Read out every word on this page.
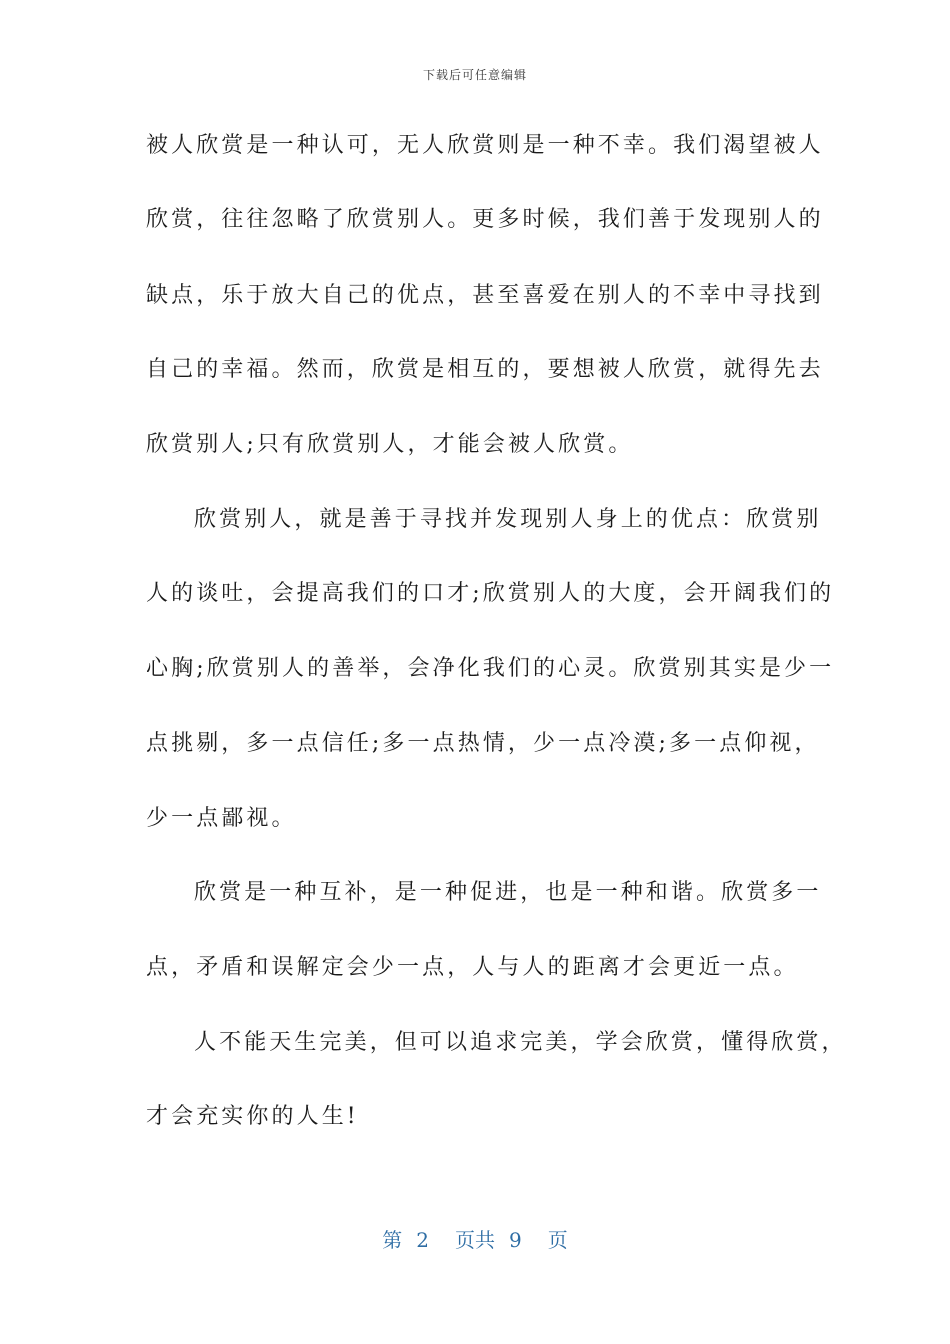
下载后可任意编辑
被人欣赏是一种认可，无人欣赏则是一种不幸。我们渴望被人
欣赏，往往忽略了欣赏别人。更多时候，我们善于发现别人的
缺点，乐于放大自己的优点，甚至喜爱在别人的不幸中寻找到
自己的幸福。然而，欣赏是相互的，要想被人欣赏，就得先去
欣赏别人;只有欣赏别人，才能会被人欣赏。
欣赏别人，就是善于寻找并发现别人身上的优点：欣赏别
人的谈吐，会提高我们的口才;欣赏别人的大度，会开阔我们的
心胸;欣赏别人的善举，会净化我们的心灵。欣赏别其实是少一
点挑剔，多一点信任;多一点热情，少一点冷漠;多一点仰视，
少一点鄙视。
欣赏是一种互补，是一种促进，也是一种和谐。欣赏多一
点，矛盾和误解定会少一点，人与人的距离才会更近一点。
人不能天生完美，但可以追求完美，学会欣赏，懂得欣赏，
才会充实你的人生!
第 2 页共 9 页
